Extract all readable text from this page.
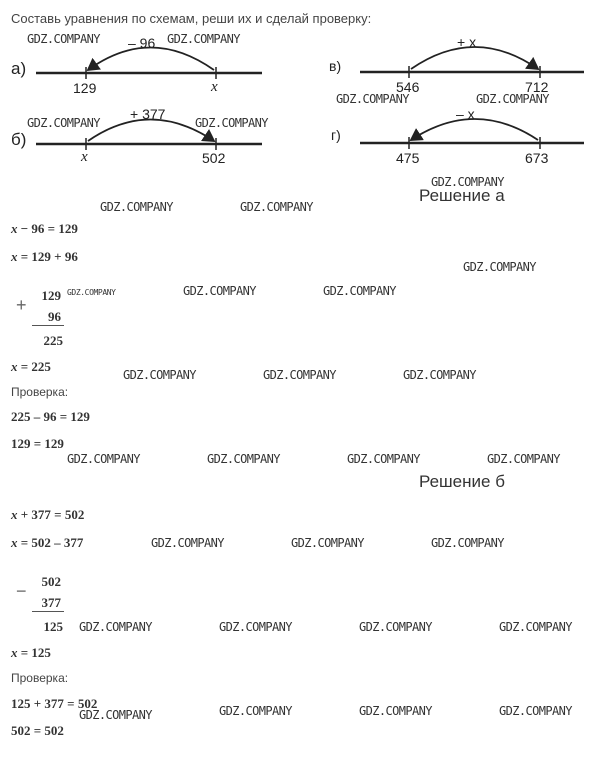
Составь уравнения по схемам, реши их и сделай проверку:
а)
– 96
129	x
б)
+ 377
x	502
в)
+ x
546	712
г)
– x
475	673
Решение а
x − 96 = 129
x = 129 + 96
+	129
96
225
x = 225
Проверка:
225 – 96 = 129
129 = 129
Решение б
x + 377 = 502
x = 502 – 377
−	502
377
125
x = 125
Проверка:
125 + 377 = 502
502 = 502
GDZ.COMPANY	GDZ.COMPANY
GDZ.COMPANY	GDZ.COMPANY
GDZ.COMPANY	GDZ.COMPANY
GDZ.COMPANY
GDZ.COMPANY	GDZ.COMPANY
GDZ.COMPANY
GDZ.COMPANY	GDZ.COMPANY	GDZ.COMPANY
GDZ.COMPANY	GDZ.COMPANY	GDZ.COMPANY
GDZ.COMPANY	GDZ.COMPANY	GDZ.COMPANY	GDZ.COMPANY
GDZ.COMPANY	GDZ.COMPANY	GDZ.COMPANY
GDZ.COMPANY	GDZ.COMPANY	GDZ.COMPANY	GDZ.COMPANY
GDZ.COMPANY	GDZ.COMPANY	GDZ.COMPANY	GDZ.COMPANY
